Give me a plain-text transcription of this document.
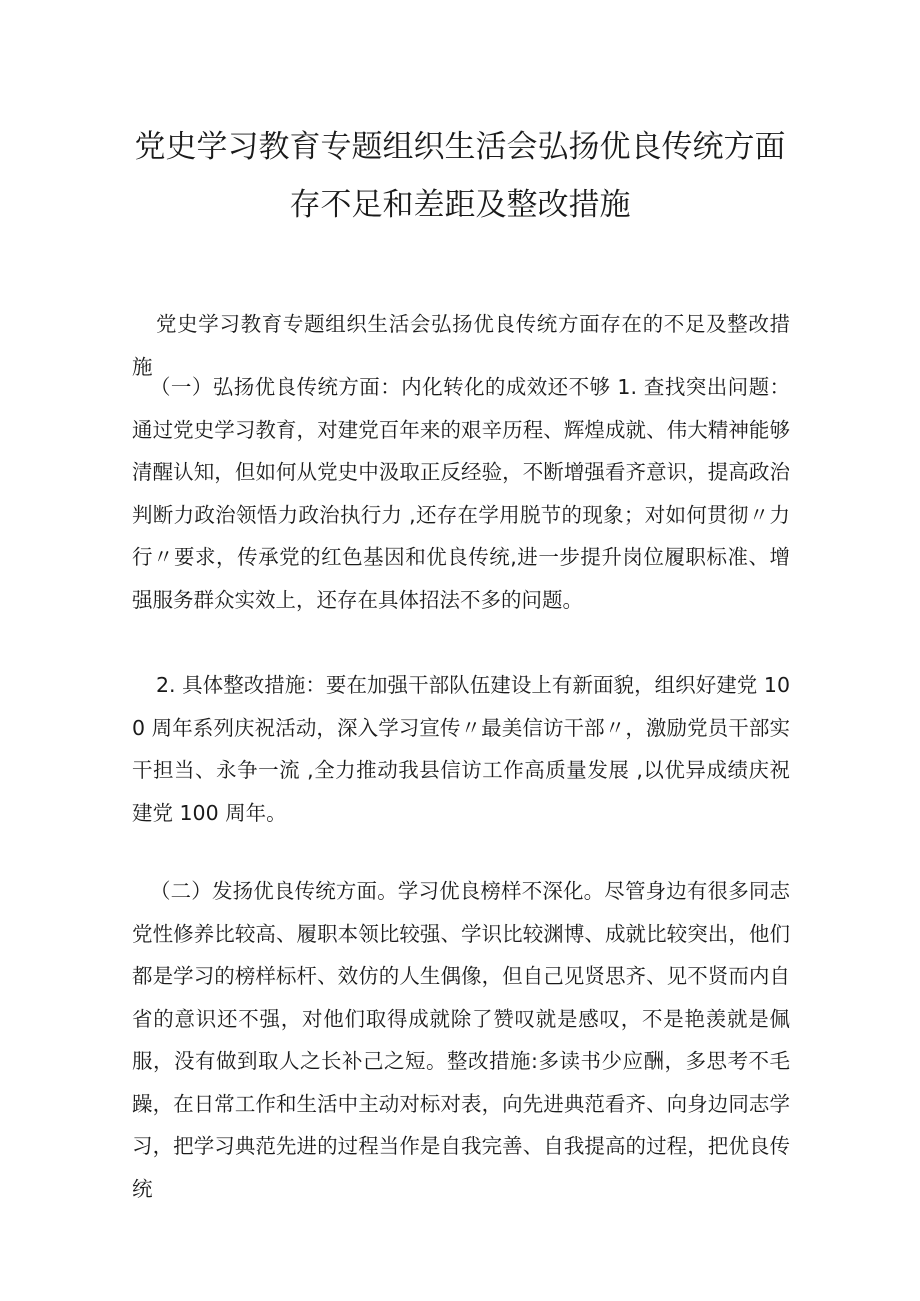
党史学习教育专题组织生活会弘扬优良传统方面存不足和差距及整改措施

党史学习教育专题组织生活会弘扬优良传统方面存在的不足及整改措施

（一）弘扬优良传统方面：内化转化的成效还不够 1. 查找突出问题：通过党史学习教育，对建党百年来的艰辛历程、辉煌成就、伟大精神能够清醒认知，但如何从党史中汲取正反经验，不断增强看齐意识，提高政治判断力政治领悟力政治执行力 ,还存在学用脱节的现象；对如何贯彻〃力行〃要求，传承党的红色基因和优良传统,进一步提升岗位履职标准、增强服务群众实效上，还存在具体招法不多的问题。

2. 具体整改措施：要在加强干部队伍建设上有新面貌，组织好建党 100 周年系列庆祝活动，深入学习宣传〃最美信访干部〃，激励党员干部实干担当、永争一流 ,全力推动我县信访工作高质量发展 ,以优异成绩庆祝建党 100 周年。

（二）发扬优良传统方面。学习优良榜样不深化。尽管身边有很多同志党性修养比较高、履职本领比较强、学识比较渊博、成就比较突出，他们都是学习的榜样标杆、效仿的人生偶像，但自己见贤思齐、见不贤而内自省的意识还不强，对他们取得成就除了赞叹就是感叹，不是艳羡就是佩服，没有做到取人之长补己之短。整改措施:多读书少应酬，多思考不毛躁，在日常工作和生活中主动对标对表，向先进典范看齐、向身边同志学习，把学习典范先进的过程当作是自我完善、自我提高的过程，把优良传统
